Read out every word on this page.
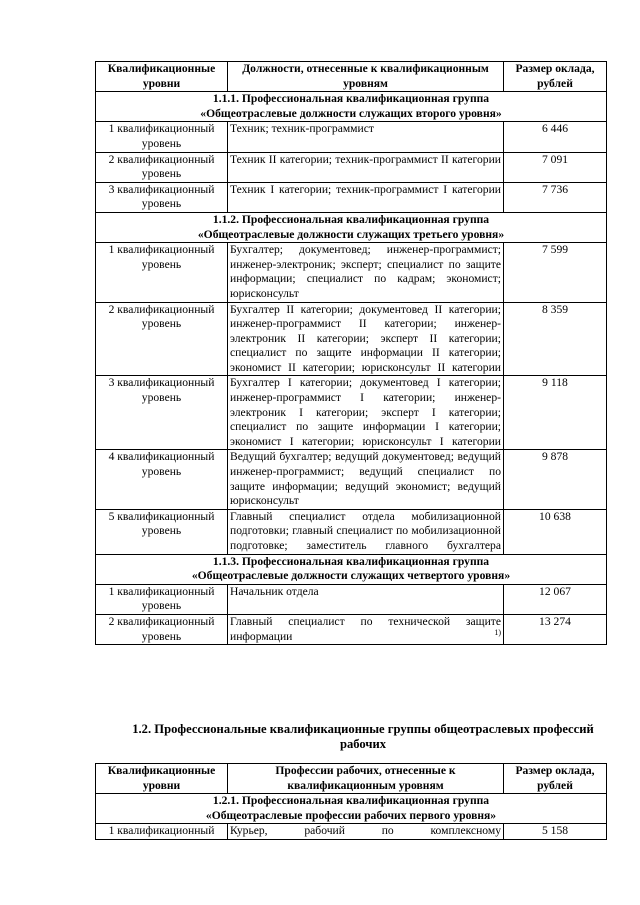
Квалификационные уровни	Должности, отнесенные к квалификационным уровням	Размер оклада, рублей

1.1.1. Профессиональная квалификационная группа
«Общеотраслевые должности служащих второго уровня»		

1 квалификационный уровень	Техник; техник-программист	6 446
2 квалификационный уровень	Техник II категории; техник-программист II категории	7 091
3 квалификационный уровень	Техник I категории; техник-программист I категории	7 736

1.1.2. Профессиональная квалификационная группа
«Общеотраслевые должности служащих третьего уровня»		

1 квалификационный уровень	Бухгалтер; документовед; инженер-программист; инженер-электроник; эксперт; специалист по защите информации; специалист по кадрам; экономист; юрисконсульт	7 599
2 квалификационный уровень	Бухгалтер II категории; документовед II категории; инженер-программист II категории; инженер-электроник II категории; эксперт II категории; специалист по защите информации II категории; экономист II категории; юрисконсульт II категории	8 359
3 квалификационный уровень	Бухгалтер I категории; документовед I категории; инженер-программист I категории; инженер-электроник I категории; эксперт I категории; специалист по защите информации I категории; экономист I категории; юрисконсульт I категории	9 118
4 квалификационный уровень	Ведущий бухгалтер; ведущий документовед; ведущий инженер-программист; ведущий специалист по защите информации; ведущий экономист; ведущий юрисконсульт	9 878
5 квалификационный уровень	Главный специалист отдела мобилизационной подготовки; главный специалист по мобилизационной подготовке; заместитель главного бухгалтера	10 638

1.1.3. Профессиональная квалификационная группа
«Общеотраслевые должности служащих четвертого уровня»		

1 квалификационный уровень	Начальник отдела	12 067
2 квалификационный уровень	Главный специалист по технической защите информации $^{1)}$	13 274
1.2. Профессиональные квалификационные группы общеотраслевых профессий рабочих
Квалификационные уровни	Профессии рабочих, отнесенные к квалификационным уровням	Размер оклада, рублей

1.2.1. Профессиональная квалификационная группа
«Общеотраслевые профессии рабочих первого уровня»		

1 квалификационный	Курьер, рабочий по комплексному	5 158
